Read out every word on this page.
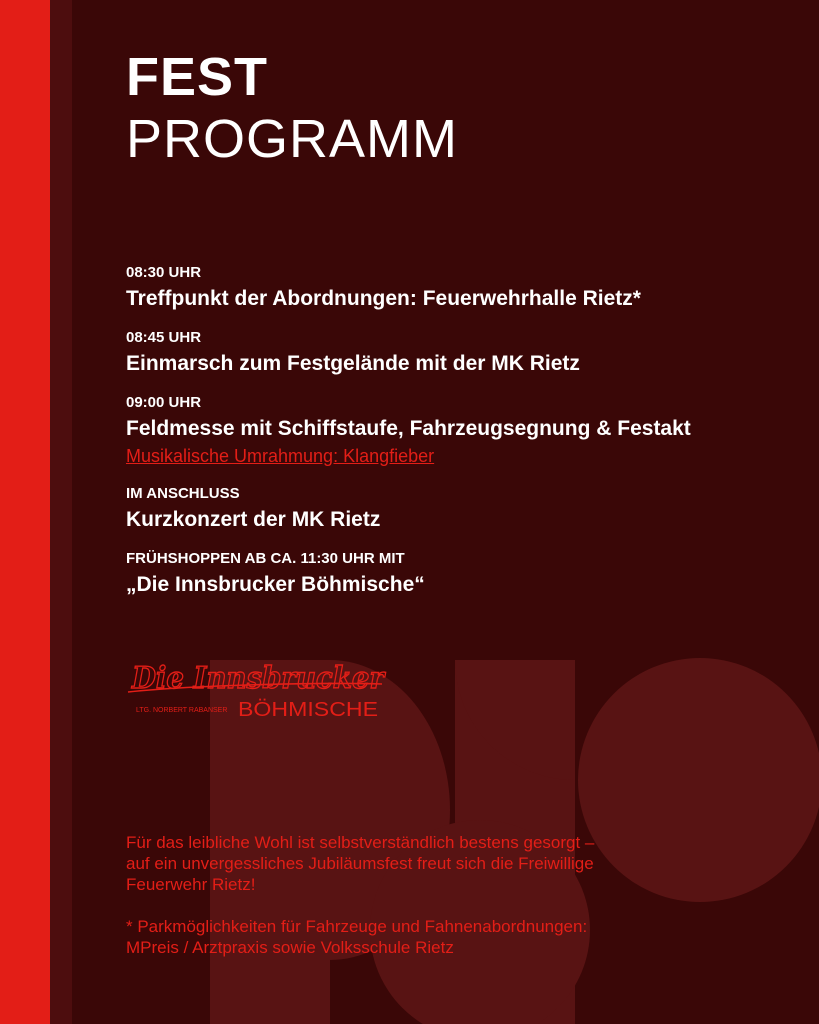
FEST
PROGRAMM
08:30 UHR
Treffpunkt der Abordnungen: Feuerwehrhalle Rietz*
08:45 UHR
Einmarsch zum Festgelände mit der MK Rietz
09:00 UHR
Feldmesse mit Schiffstaufe, Fahrzeugsegnung & Festakt
Musikalische Umrahmung: Klangfieber
IM ANSCHLUSS
Kurzkonzert der MK Rietz
FRÜHSHOPPEN AB CA. 11:30 UHR MIT
„Die Innsbrucker Böhmische“
Die Innsbrucker
LTG. NORBERT RABANSER BÖHMISCHE

Für das leibliche Wohl ist selbstverständlich bestens gesorgt –

auf ein unvergessliches Jubiläumsfest freut sich die Freiwillige

Feuerwehr Rietz!

* Parkmöglichkeiten für Fahrzeuge und Fahnenabordnungen:

MPreis / Arztpraxis sowie Volksschule Rietz
